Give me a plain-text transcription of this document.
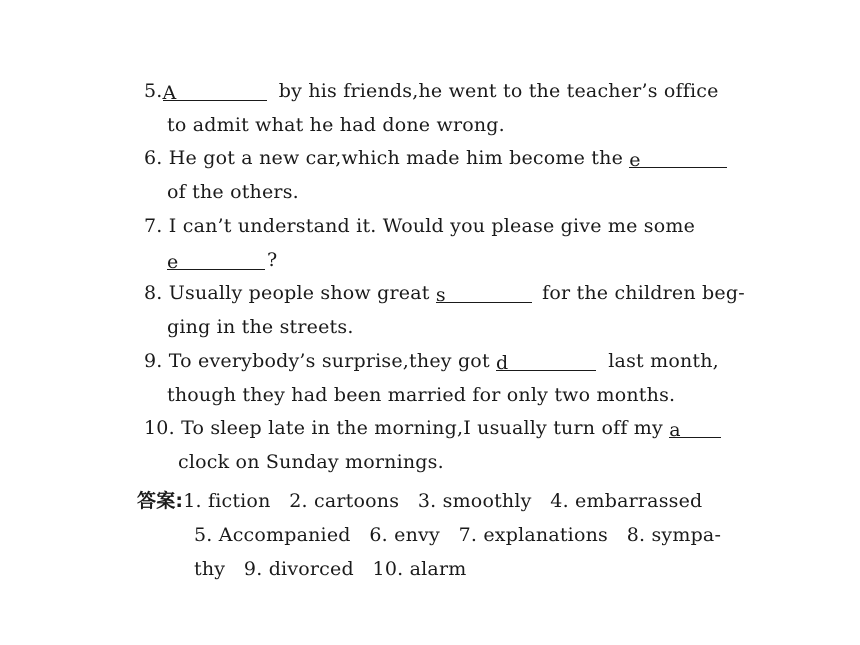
5.A	by his friends,he went to the teacher’s office
to admit what he had done wrong.
6. He got a new car,which made him become the e
of the others.
7. I can’t understand it. Would you please give me some
e	?
8. Usually people show great s	for the children beg-
ging in the streets.
9. To everybody’s surprise,they got d	last month,
though they had been married for only two months.
10. To sleep late in the morning,I usually turn off my a
clock on Sunday mornings.
答案:1. fiction   2. cartoons   3. smoothly   4. embarrassed
5. Accompanied   6. envy   7. explanations   8. sympa-
thy   9. divorced   10. alarm
